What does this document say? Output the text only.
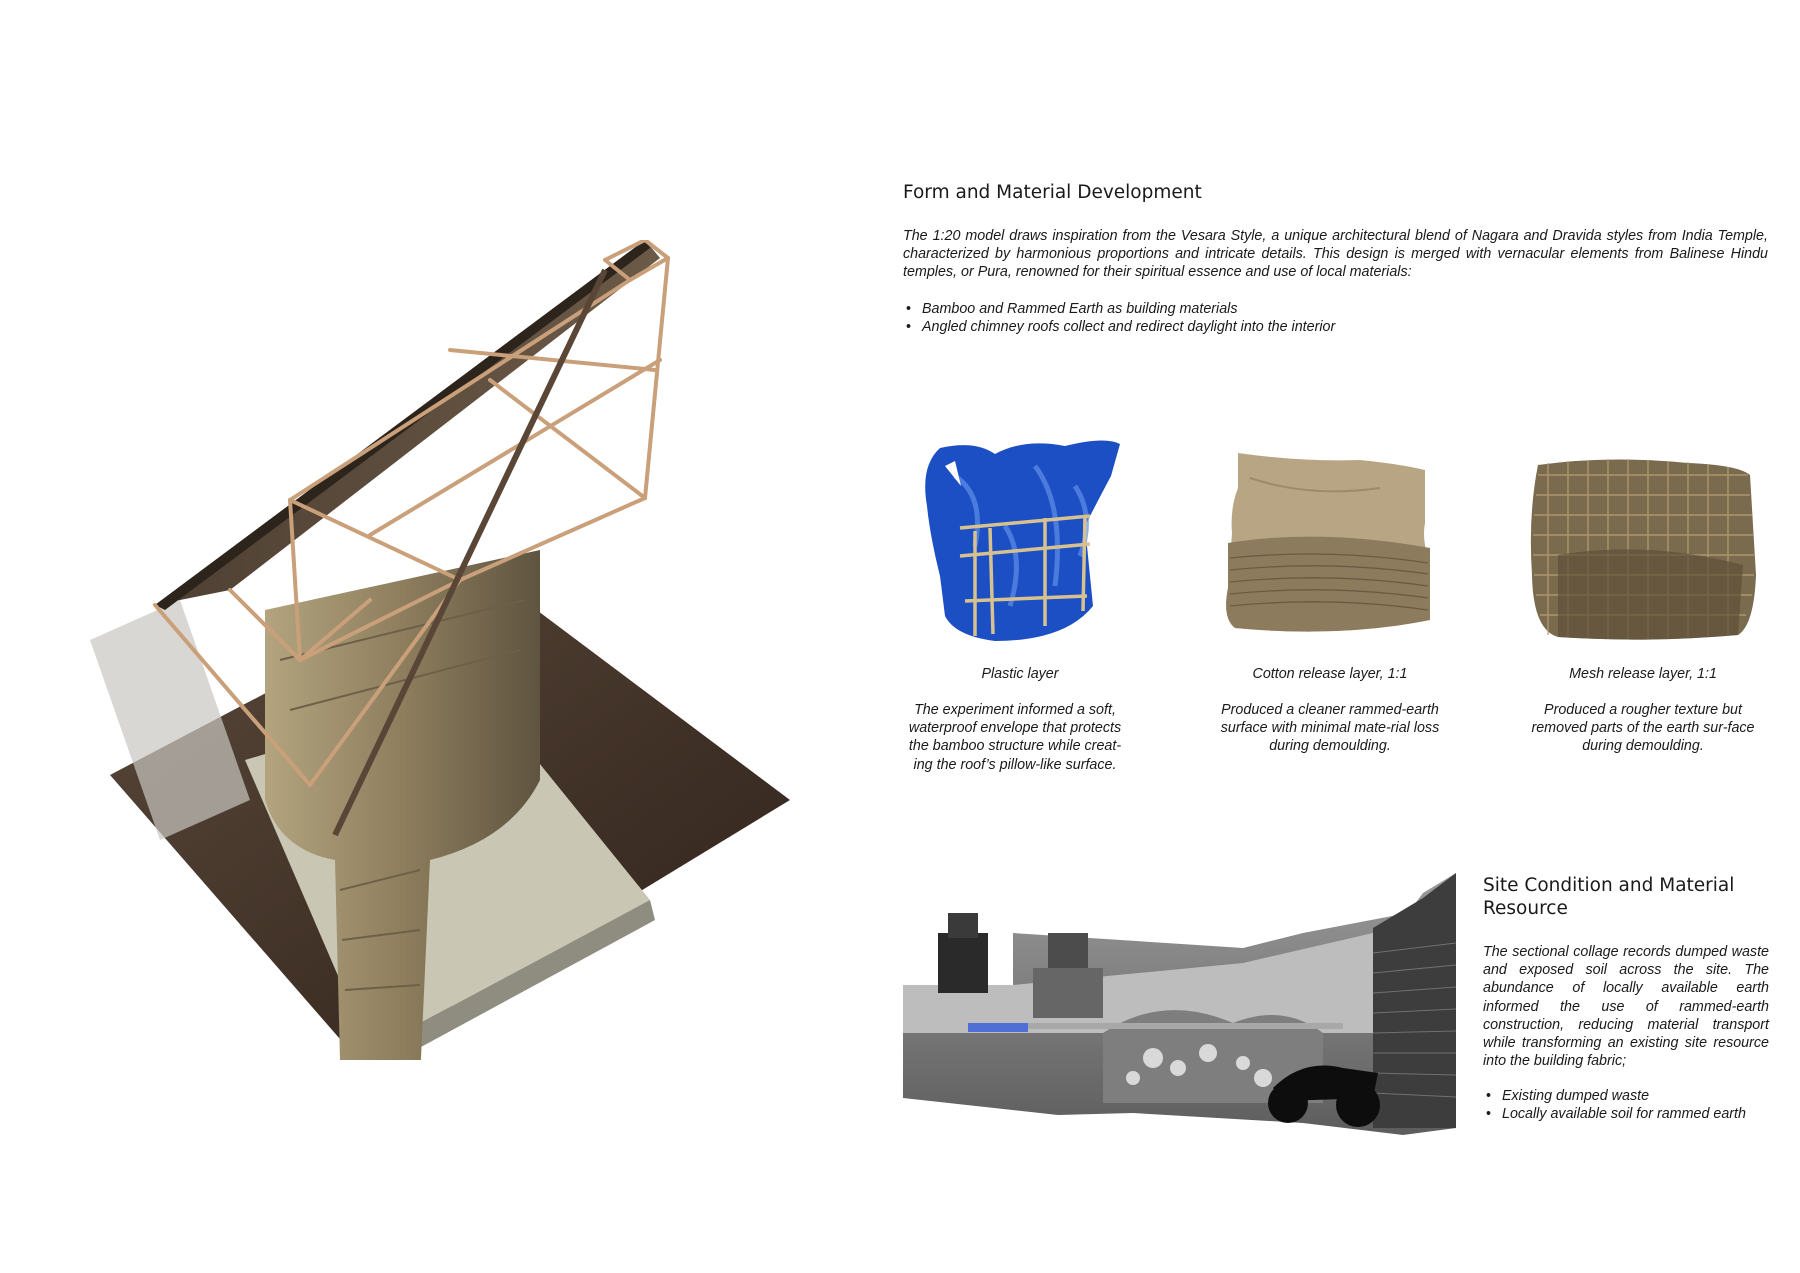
Form and Material Development

The 1:20 model draws inspiration from the Vesara Style, a unique architectural blend of Nagara and Dravida styles from India Temple, characterized by harmonious proportions and intricate details. This design is merged with vernacular elements from Balinese Hindu temples, or Pura, renowned for their spiritual essence and use of local materials:

• Bamboo and Rammed Earth as building materials
• Angled chimney roofs collect and redirect daylight into the interior
Plastic layer
The experiment informed a soft, waterproof envelope that protects the bamboo structure while creat-ing the roof’s pillow-like surface.
Cotton release layer, 1:1
Produced a cleaner rammed-earth surface with minimal mate-rial loss during demoulding.
Mesh release layer, 1:1
Produced a rougher texture but removed parts of the earth sur-face during demoulding.
Site Condition and Material
Resource

The sectional collage records dumped waste and exposed soil across the site. The abundance of locally available earth informed the use of rammed-earth construction, reducing material transport while transforming an existing site resource into the building fabric;

• Existing dumped waste
• Locally available soil for rammed earth
